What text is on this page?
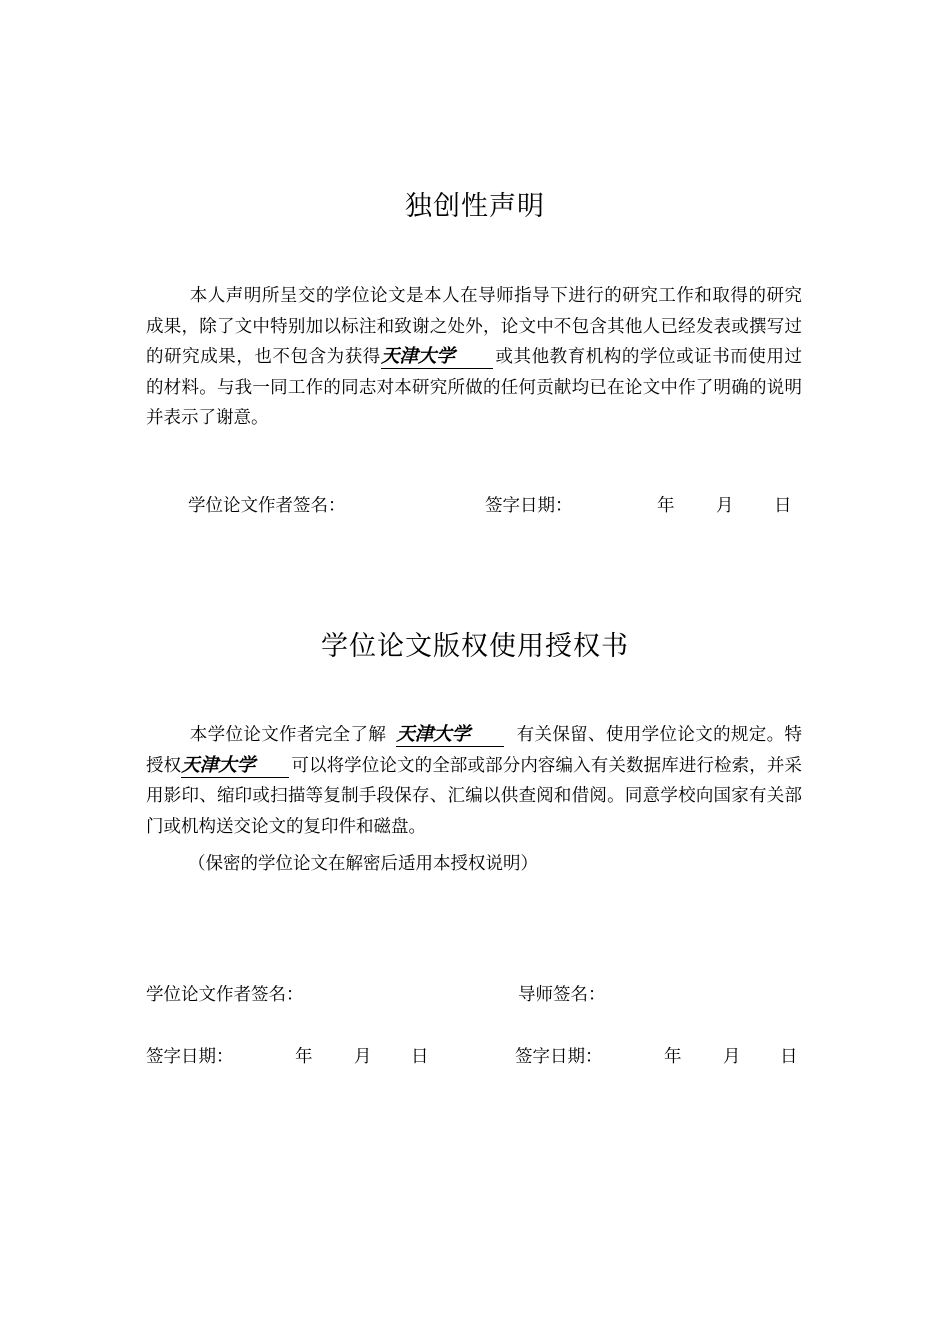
独创性声明

本人声明所呈交的学位论文是本人在导师指导下进行的研究工作和取得的研究成果，除了文中特别加以标注和致谢之处外，论文中不包含其他人已经发表或撰写过的研究成果，也不包含为获得天津大学 或其他教育机构的学位或证书而使用过的材料。与我一同工作的同志对本研究所做的任何贡献均已在论文中作了明确的说明并表示了谢意。

学位论文作者签名：	签字日期：	年 月 日
学位论文版权使用授权书

本学位论文作者完全了解 天津大学	有关保留、使用学位论文的规定。特授权天津大学 可以将学位论文的全部或部分内容编入有关数据库进行检索，并采用影印、缩印或扫描等复制手段保存、汇编以供查阅和借阅。同意学校向国家有关部门或机构送交论文的复印件和磁盘。

（保密的学位论文在解密后适用本授权说明）
学位论文作者签名：	导师签名：
签字日期：	年 月 日	签字日期：	年 月 日
